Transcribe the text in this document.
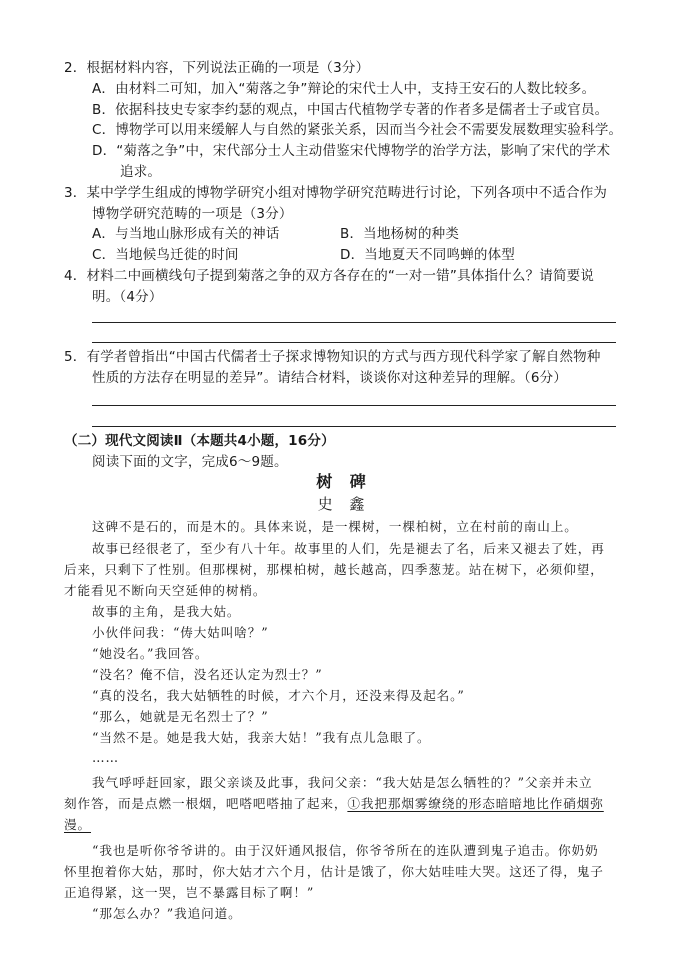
2．根据材料内容，下列说法正确的一项是（3分）
A．由材料二可知，加入“菊落之争”辩论的宋代士人中，支持王安石的人数比较多。
B．依据科技史专家李约瑟的观点，中国古代植物学专著的作者多是儒者士子或官员。
C．博物学可以用来缓解人与自然的紧张关系，因而当今社会不需要发展数理实验科学。
D．“菊落之争”中，宋代部分士人主动借鉴宋代博物学的治学方法，影响了宋代的学术
追求。
3．某中学学生组成的博物学研究小组对博物学研究范畴进行讨论，下列各项中不适合作为
博物学研究范畴的一项是（3分）
A．与当地山脉形成有关的神话	B．当地杨树的种类
C．当地候鸟迁徙的时间	D．当地夏天不同鸣蝉的体型
4．材料二中画横线句子提到菊落之争的双方各存在的“一对一错”具体指什么？请简要说
明。（4分）
5．有学者曾指出“中国古代儒者士子探求博物知识的方式与西方现代科学家了解自然物种
性质的方法存在明显的差异”。请结合材料，谈谈你对这种差异的理解。（6分）
（二）现代文阅读Ⅱ（本题共4小题，16分）
阅读下面的文字，完成6～9题。
树 碑
史 鑫
这碑不是石的，而是木的。具体来说，是一棵树，一棵柏树，立在村前的南山上。
故事已经很老了，至少有八十年。故事里的人们，先是褪去了名，后来又褪去了姓，再
后来，只剩下了性别。但那棵树，那棵柏树，越长越高，四季葱茏。站在树下，必须仰望，
才能看见不断向天空延伸的树梢。
故事的主角，是我大姑。
小伙伴问我：“俦大姑叫啥？”
“她没名。”我回答。
“没名？俺不信，没名还认定为烈士？”
“真的没名，我大姑牺牲的时候，才六个月，还没来得及起名。”
“那么，她就是无名烈士了？”
“当然不是。她是我大姑，我亲大姑！”我有点儿急眼了。
……
我气呼呼赶回家，跟父亲谈及此事，我问父亲：“我大姑是怎么牺牲的？”父亲并未立
刻作答，而是点燃一根烟，吧嗒吧嗒抽了起来，①我把那烟雾缭绕的形态暗暗地比作硝烟弥
漫。
“我也是听你爷爷讲的。由于汉奸通风报信，你爷爷所在的连队遭到鬼子追击。你奶奶
怀里抱着你大姑，那时，你大姑才六个月，估计是饿了，你大姑哇哇大哭。这还了得，鬼子
正追得紧，这一哭，岂不暴露目标了啊！”
“那怎么办？”我追问道。
